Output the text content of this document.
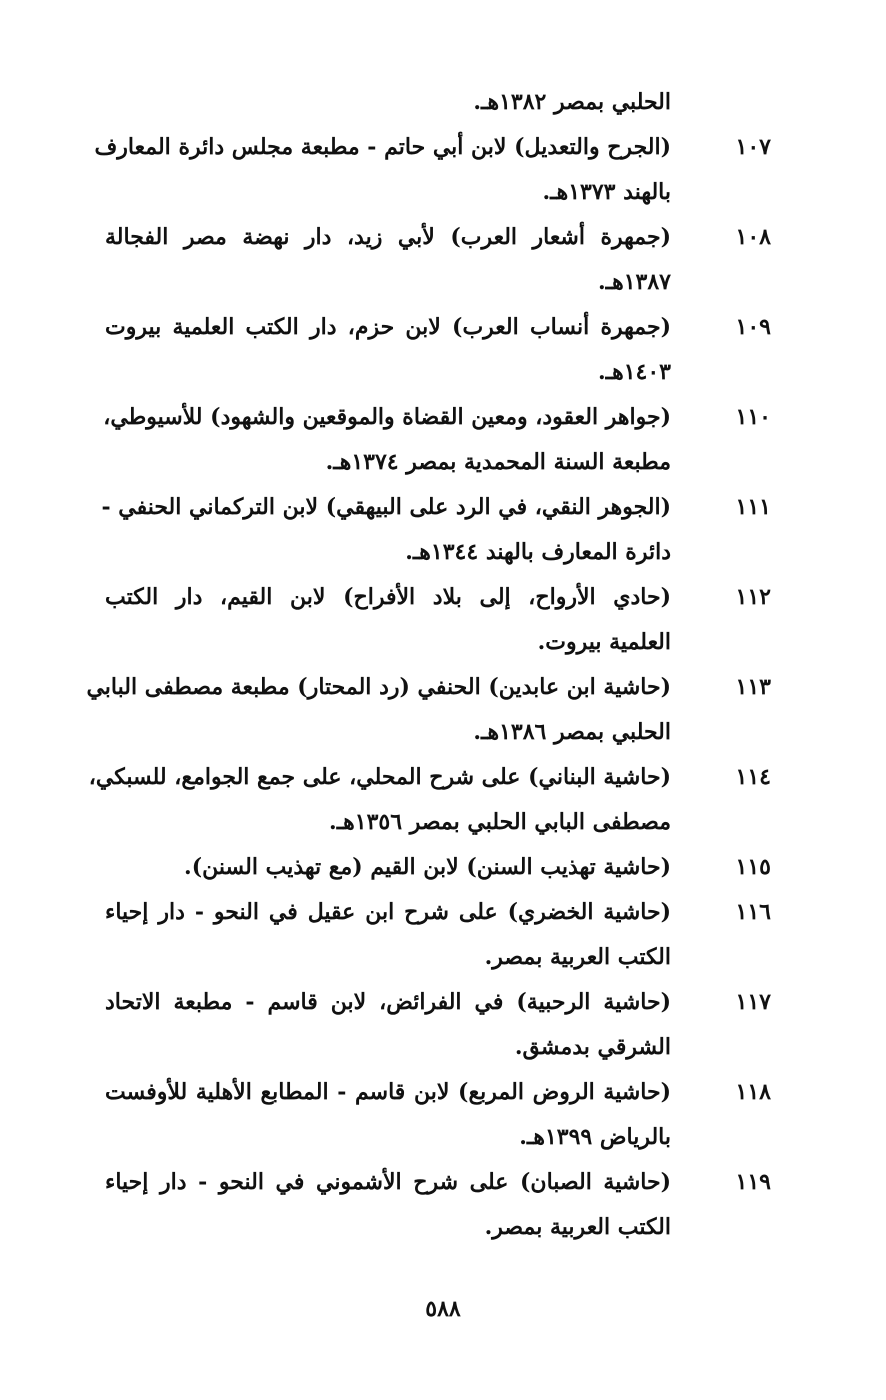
الحلبي بمصر ١٣٨٢هـ.
١٠٧
(الجرح والتعديل) لابن أبي حاتم - مطبعة مجلس دائرة المعارف
بالهند ١٣٧٣هـ.
١٠٨
(جمهرة أشعار العرب) لأبي زيد، دار نهضة مصر الفجالة
١٣٨٧هـ.
١٠٩
(جمهرة أنساب العرب) لابن حزم، دار الكتب العلمية بيروت
١٤٠٣هـ.
١١٠
(جواهر العقود، ومعين القضاة والموقعين والشهود) للأسيوطي،
مطبعة السنة المحمدية بمصر ١٣٧٤هـ.
١١١
(الجوهر النقي، في الرد على البيهقي) لابن التركماني الحنفي -
دائرة المعارف بالهند ١٣٤٤هـ.
١١٢
(حادي الأرواح، إلى بلاد الأفراح) لابن القيم، دار الكتب
العلمية بيروت.
١١٣
(حاشية ابن عابدين) الحنفي (رد المحتار) مطبعة مصطفى البابي
الحلبي بمصر ١٣٨٦هـ.
١١٤
(حاشية البناني) على شرح المحلي، على جمع الجوامع، للسبكي،
مصطفى البابي الحلبي بمصر ١٣٥٦هـ.
١١٥
(حاشية تهذيب السنن) لابن القيم (مع تهذيب السنن).
١١٦
(حاشية الخضري) على شرح ابن عقيل في النحو - دار إحياء
الكتب العربية بمصر.
١١٧
(حاشية الرحبية) في الفرائض، لابن قاسم - مطبعة الاتحاد
الشرقي بدمشق.
١١٨
(حاشية الروض المربع) لابن قاسم - المطابع الأهلية للأوفست
بالرياض ١٣٩٩هـ.
١١٩
(حاشية الصبان) على شرح الأشموني في النحو - دار إحياء
الكتب العربية بمصر.
٥٨٨
